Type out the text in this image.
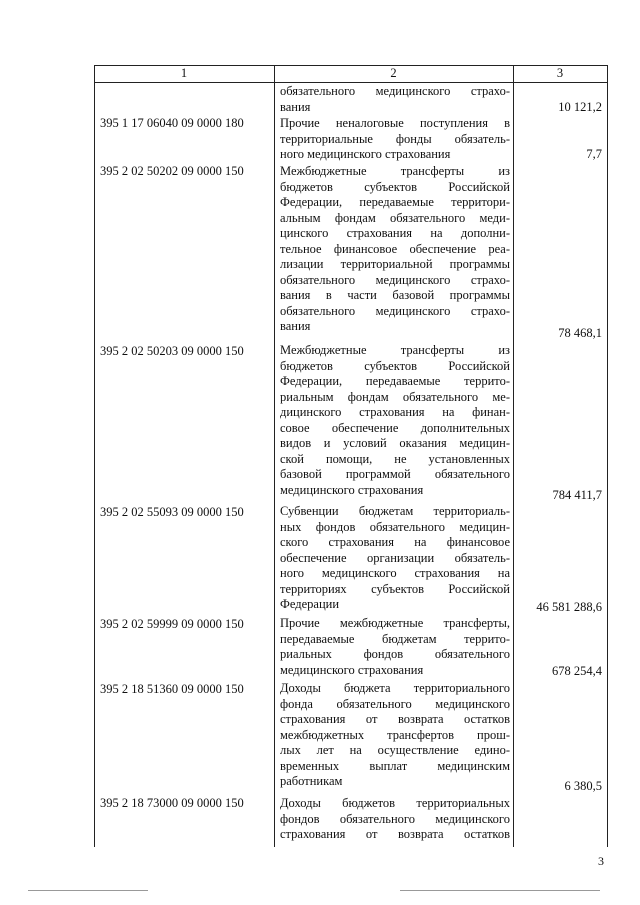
1	2	3
обязательного медицинского страхо-
вания	10 121,2
395 1 17 06040 09 0000 180	Прочие неналоговые поступления в
территориальные фонды обязатель-
ного медицинского страхования	7,7
395 2 02 50202 09 0000 150	Межбюджетные трансферты из
бюджетов субъектов Российской
Федерации, передаваемые территори-
альным фондам обязательного меди-
цинского страхования на дополни-
тельное финансовое обеспечение реа-
лизации территориальной программы
обязательного медицинского страхо-
вания в части базовой программы
обязательного медицинского страхо-
вания	78 468,1
395 2 02 50203 09 0000 150	Межбюджетные трансферты из
бюджетов субъектов Российской
Федерации, передаваемые террито-
риальным фондам обязательного ме-
дицинского страхования на финан-
совое обеспечение дополнительных
видов и условий оказания медицин-
ской помощи, не установленных
базовой программой обязательного
медицинского страхования	784 411,7
395 2 02 55093 09 0000 150	Субвенции бюджетам территориаль-
ных фондов обязательного медицин-
ского страхования на финансовое
обеспечение организации обязатель-
ного медицинского страхования на
территориях субъектов Российской
Федерации	46 581 288,6
395 2 02 59999 09 0000 150	Прочие межбюджетные трансферты,
передаваемые бюджетам террито-
риальных фондов обязательного
медицинского страхования	678 254,4
395 2 18 51360 09 0000 150	Доходы бюджета территориального
фонда обязательного медицинского
страхования от возврата остатков
межбюджетных трансфертов прош-
лых лет на осуществление едино-
временных выплат медицинским
работникам	6 380,5
395 2 18 73000 09 0000 150	Доходы бюджетов территориальных
фондов обязательного медицинского
страхования от возврата остатков
3
